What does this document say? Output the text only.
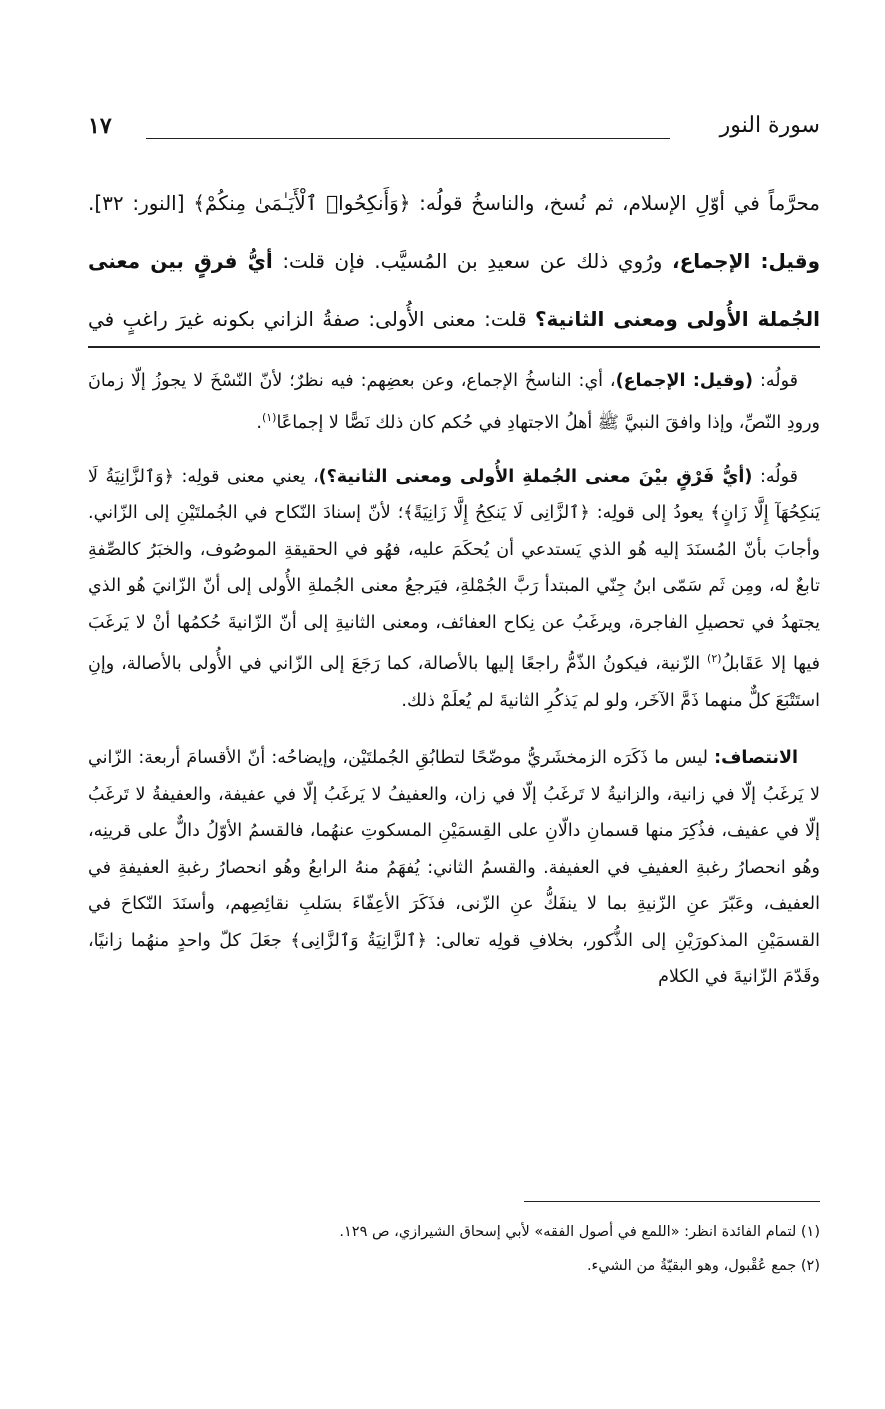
سورة النور
١٧

محرَّماً في أوّلِ الإسلام، ثم نُسخ، والناسخُ قولُه: ﴿وَأَنكِحُوا۟ ٱلْأَيَـٰمَىٰ مِنكُمْ﴾ [النور: ٣٢].

وقيل: الإجماع، ورُوي ذلك عن سعيدِ بن المُسيَّب. فإن قلت: أيُّ فرقٍ بين معنى

الجُملة الأُولى ومعنى الثانية؟ قلت: معنى الأُولى: صفةُ الزاني بكونه غيرَ راغبٍ في

قولُه: (وقيل: الإجماع)، أي: الناسخُ الإجماع، وعن بعضِهم: فيه نظرٌ؛ لأنّ النّسْخَ لا يجوزُ إلّا زمانَ ورودِ النّصِّ، وإذا وافقَ النبيَّ ﷺ أهلُ الاجتهادِ في حُكم كان ذلك نَصًّا لا إجماعًا$^{(١)}$.

قولُه: (أيُّ فَرْقٍ بيْنَ معنى الجُملةِ الأُولى ومعنى الثانية؟)، يعني معنى قولِه: ﴿وَٱلزَّانِيَةُ لَا يَنكِحُهَآ إِلَّا زَانٍ﴾ يعودُ إلى قولِه: ﴿ٱلزَّانِى لَا يَنكِحُ إِلَّا زَانِيَةً﴾؛ لأنّ إسنادَ النّكاح في الجُملتَيْنِ إلى الزّاني. وأجابَ بأنّ المُسنَدَ إليه هُو الذي يَستدعي أن يُحكَمَ عليه، فهُو في الحقيقةِ الموصُوف، والخبَرُ كالصِّفةِ تابعٌ له، ومِن ثَم سَمّى ابنُ جِنّي المبتدأ رَبَّ الجُمْلةِ، فيَرجعُ معنى الجُملةِ الأُولى إلى أنّ الزّانيَ هُو الذي يجتهدُ في تحصيلِ الفاجرة، ويرغَبُ عن نِكاح العفائف، ومعنى الثانيةِ إلى أنّ الزّانيةَ حُكمُها أنْ لا يَرغَبَ فيها إلا عَقَابلُ$^{(٢)}$ الزّنية، فيكونُ الذّمُّ راجعًا إليها بالأصالة، كما رَجَعَ إلى الزّاني في الأُولى بالأصالة، وإنِ استَتْبَعَ كلٌّ منهما ذَمَّ الآخَر، ولو لم يَذكُرِ الثانيةَ لم يُعلَمْ ذلك.

الانتصاف: ليس ما ذَكَرَه الزمخشَريُّ موضّحًا لتطابُقِ الجُملتَيْن، وإيضاحُه: أنّ الأقسامَ أربعة: الزّاني لا يَرغَبُ إلّا في زانية، والزانيةُ لا تَرغَبُ إلّا في زان، والعفيفُ لا يَرغَبُ إلّا في عفيفة، والعفيفةُ لا تَرغَبُ إلّا في عفيف، فذُكِرَ منها قسمانِ دالّانِ على القِسمَيْنِ المسكوتِ عنهُما، فالقسمُ الأوّلُ دالٌّ على قرينِه، وهُو انحصارُ رغبةِ العفيفِ في العفيفة. والقسمُ الثاني: يُفهَمُ منهُ الرابعُ وهُو انحصارُ رغبةِ العفيفةِ في العفيف، وعَبّرَ عنِ الزّنيةِ بما لا ينفَكُّ عنِ الزّنى، فذَكَرَ الأعِفّاءَ بسَلبِ نقائِصِهم، وأسنَدَ النّكاحَ في القسمَيْنِ المذكورَيْنِ إلى الذُّكور، بخلافِ قولِه تعالى: ﴿ٱلزَّانِيَةُ وَٱلزَّانِى﴾ جعَلَ كلّ واحدٍ منهُما زانيًا، وقَدّمَ الزّانيةَ في الكلام

(١) لتمام الفائدة انظر: «اللمع في أصول الفقه» لأبي إسحاق الشيرازي، ص ١٢٩.

(٢) جمع عُقْبول، وهو البقيّةُ من الشيء.
